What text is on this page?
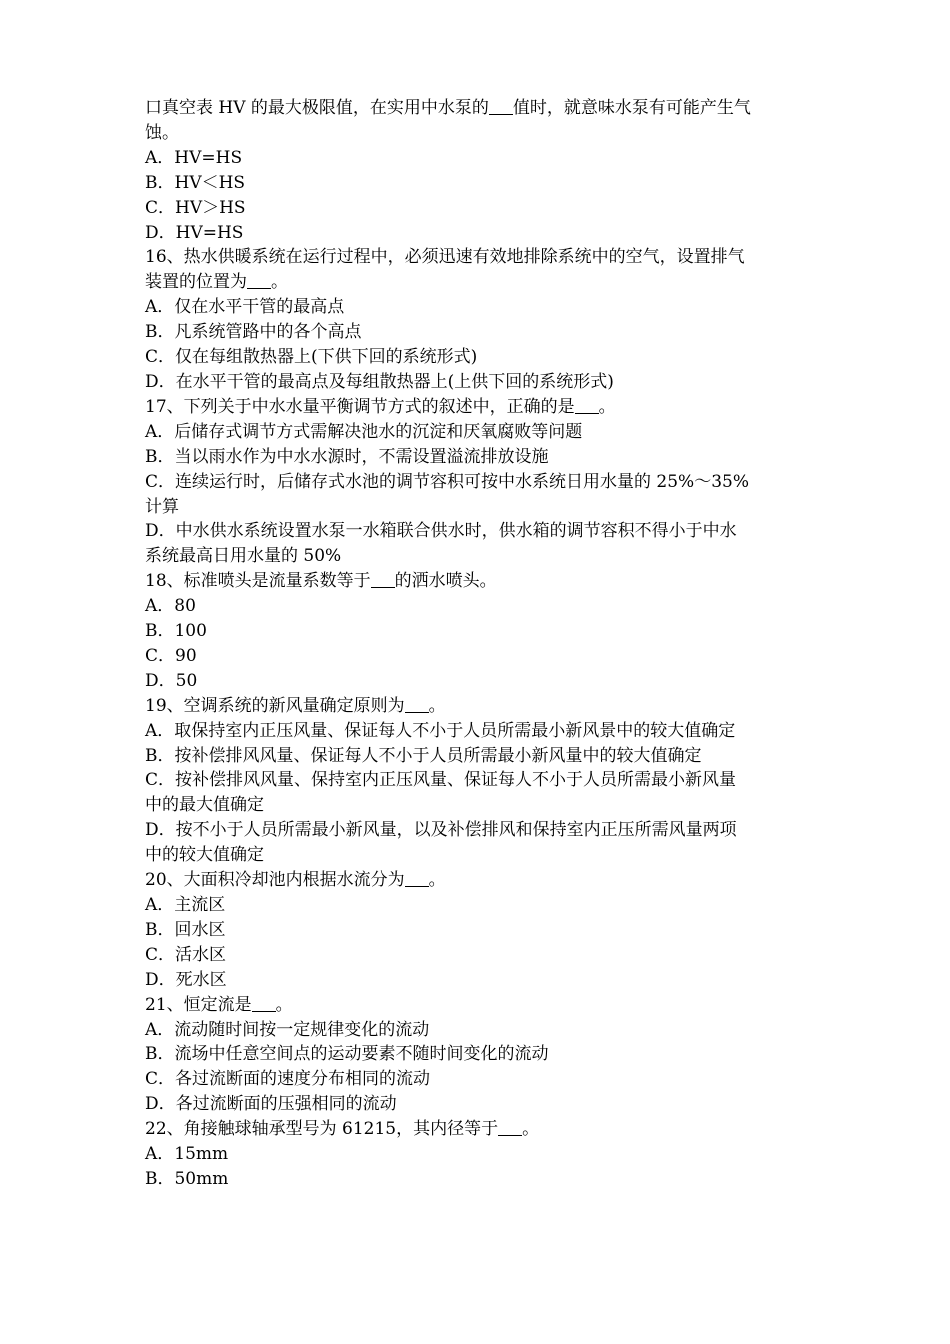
口真空表 HV 的最大极限值，在实用中水泵的 值时，就意味水泵有可能产生气
蚀。
A．HV=HS
B．HV＜HS
C．HV＞HS
D．HV=HS
16、热水供暖系统在运行过程中，必须迅速有效地排除系统中的空气，设置排气
装置的位置为 。
A．仅在水平干管的最高点
B．凡系统管路中的各个高点
C．仅在每组散热器上(下供下回的系统形式)
D．在水平干管的最高点及每组散热器上(上供下回的系统形式)
17、下列关于中水水量平衡调节方式的叙述中，正确的是 。
A．后储存式调节方式需解决池水的沉淀和厌氧腐败等问题
B．当以雨水作为中水水源时，不需设置溢流排放设施
C．连续运行时，后储存式水池的调节容积可按中水系统日用水量的 25%～35%
计算
D．中水供水系统设置水泵一水箱联合供水时，供水箱的调节容积不得小于中水
系统最高日用水量的 50%
18、标准喷头是流量系数等于 的洒水喷头。
A．80
B．100
C．90
D．50
19、空调系统的新风量确定原则为 。
A．取保持室内正压风量、保证每人不小于人员所需最小新风景中的较大值确定
B．按补偿排风风量、保证每人不小于人员所需最小新风量中的较大值确定
C．按补偿排风风量、保持室内正压风量、保证每人不小于人员所需最小新风量
中的最大值确定
D．按不小于人员所需最小新风量，以及补偿排风和保持室内正压所需风量两项
中的较大值确定
20、大面积冷却池内根据水流分为 。
A．主流区
B．回水区
C．活水区
D．死水区
21、恒定流是 。
A．流动随时间按一定规律变化的流动
B．流场中任意空间点的运动要素不随时间变化的流动
C．各过流断面的速度分布相同的流动
D．各过流断面的压强相同的流动
22、角接触球轴承型号为 61215，其内径等于 。
A．15mm
B．50mm
